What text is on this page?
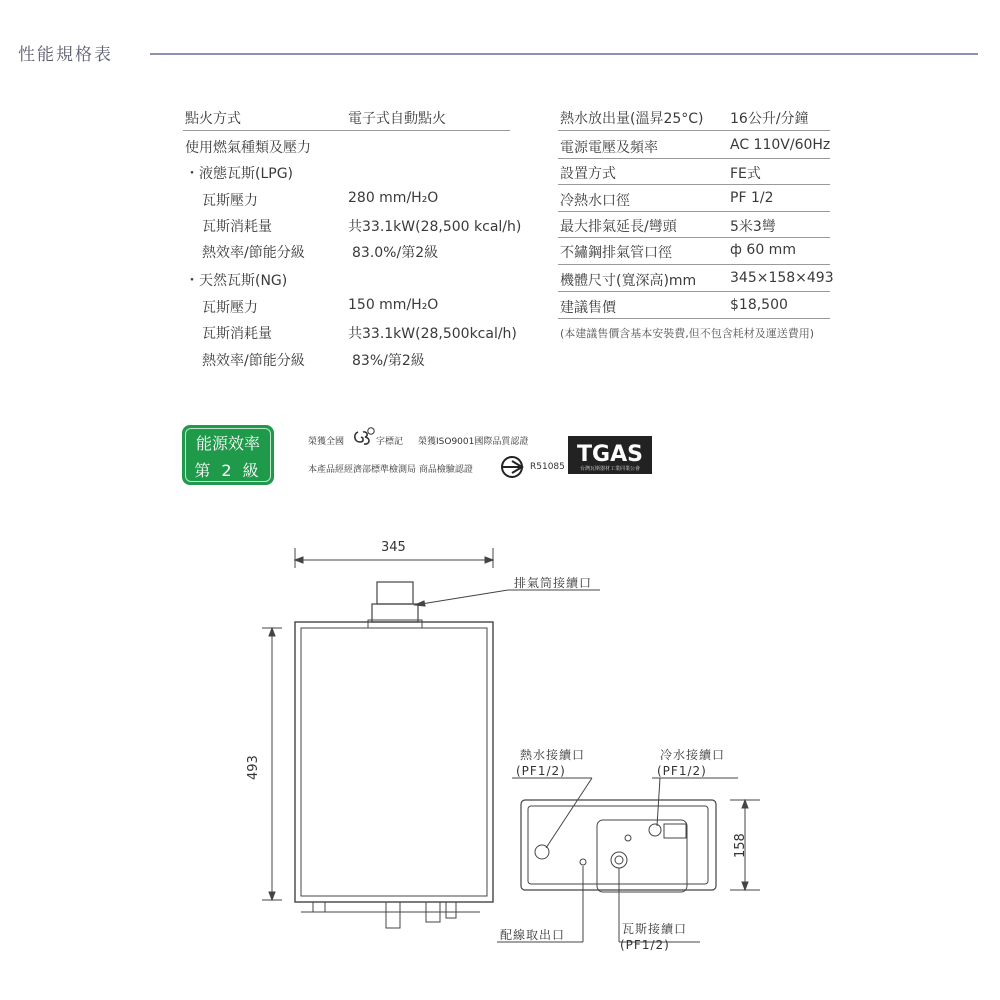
性能規格表
點火方式	電子式自動點火
使用燃氣種類及壓力
・液態瓦斯(LPG)
瓦斯壓力	280 mm/H₂O
瓦斯消耗量	共33.1kW(28,500 kcal/h)
熱效率/節能分級	83.0%/第2級
・天然瓦斯(NG)
瓦斯壓力	150 mm/H₂O
瓦斯消耗量	共33.1kW(28,500kcal/h)
熱效率/節能分級	83%/第2級
熱水放出量(溫昇25°C) 16公升/分鐘
電源電壓及頻率	AC 110V/60Hz
設置方式	FE式
冷熱水口徑	PF 1/2
最大排氣延長/彎頭	5米3彎
不鏽鋼排氣管口徑	ф 60 mm
機體尺寸(寬深高)mm 345×158×493
建議售價	$18,500
(本建議售價含基本安裝費,但不包含耗材及運送費用)
能源效率
第 2 級
榮獲全國	字標記 榮獲ISO9001國際品質認證
本產品經經濟部標準檢測局 商品檢驗認證	R51085 TGAS
台灣瓦斯器材工業同業公會
345
493
158
排氣筒接續口
熱水接續口
(PF1/2)
冷水接續口
(PF1/2)
配線取出口	瓦斯接續口
(PF1/2)
